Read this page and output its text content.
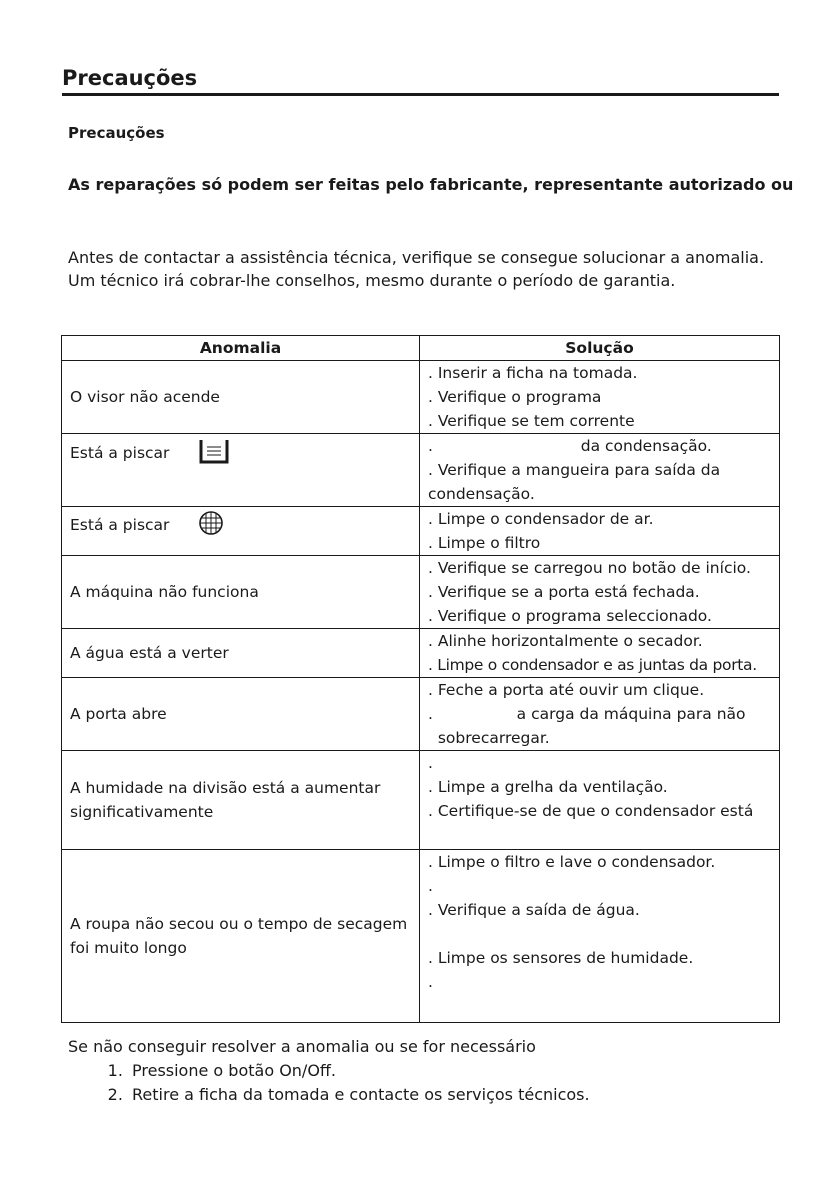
Precauções
Precauções
As reparações só podem ser feitas pelo fabricante, representante autorizado ou
Antes de contactar a assistência técnica, verifique se consegue solucionar a anomalia.
Um técnico irá cobrar-lhe conselhos, mesmo durante o período de garantia.
Anomalia	Solução
O visor não acende	. Inserir a ficha na tomada.
. Verifique o programa
. Verifique se tem corrente

Está a piscar	.                              da condensação.
. Verifique a mangueira para saída da
condensação.

Está a piscar	. Limpe o condensador de ar.
. Limpe o filtro

A máquina não funciona	. Verifique se carregou no botão de início.
. Verifique se a porta está fechada.
. Verifique o programa seleccionado.

A água está a verter	. Alinhe horizontalmente o secador.
. Limpe o condensador e as juntas da porta.

A porta abre	. Feche a porta até ouvir um clique.
.                 a carga da máquina para não
sobrecarregar.

A humidade na divisão está a aumentar significativamente	.
. Limpe a grelha da ventilação.
. Certifique-se de que o condensador está

A roupa não secou ou o tempo de secagem foi muito longo	. Limpe o filtro e lave o condensador.
.
. Verifique a saída de água.
. Limpe os sensores de humidade.
.
Se não conseguir resolver a anomalia ou se for necessário
1. Pressione o botão On/Off.
2. Retire a ficha da tomada e contacte os serviços técnicos.
